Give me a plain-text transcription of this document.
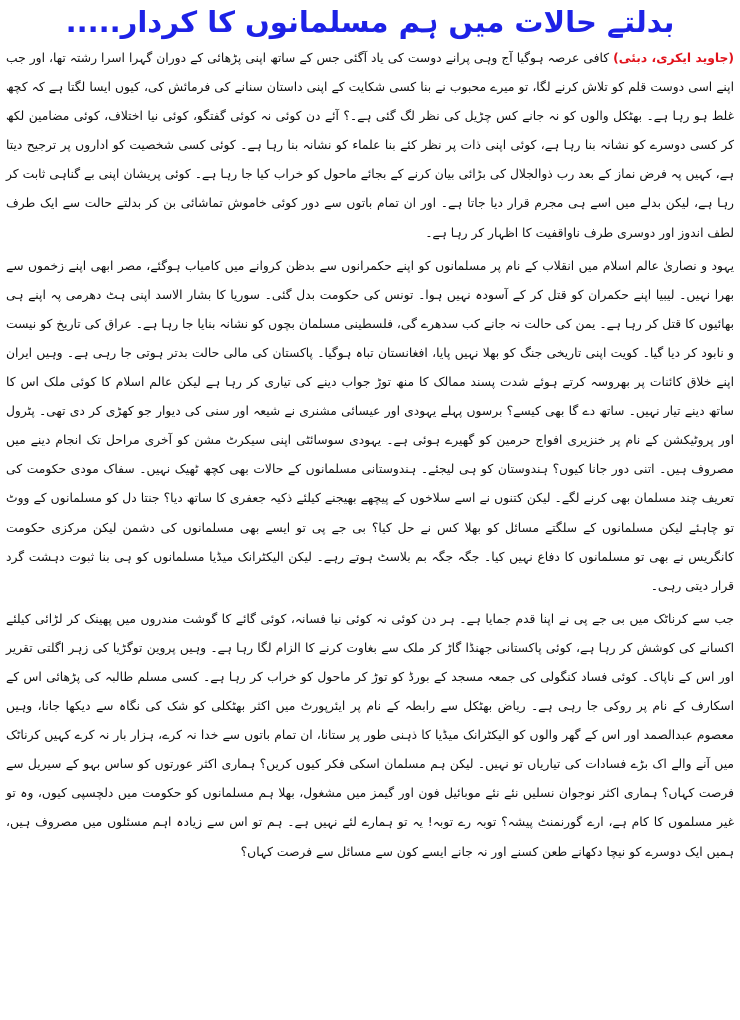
بدلتے حالات میں ہم مسلمانوں کا کردار.....

(جاوید ایکری، دبئی) کافی عرصہ ہوگیا آج وہی پرانے دوست کی یاد آگئی جس کے ساتھ اپنی پڑھائی کے دوران گہرا اسرا رشتہ تھا، اور جب اپنے اسی دوست قلم کو تلاش کرنے لگا، تو میرے محبوب نے بنا کسی شکایت کے اپنی داستان سنانے کی فرمائش کی، کیوں ایسا لگتا ہے کہ کچھ غلط ہو رہا ہے۔ بھٹکل والوں کو نہ جانے کس چڑیل کی نظر لگ گئی ہے۔؟ آئے دن کوئی نہ کوئی گفتگو، کوئی نیا اختلاف، کوئی مضامین لکھ کر کسی دوسرے کو نشانہ بنا رہا ہے، کوئی اپنی ذات پر نظر کئے بنا علماء کو نشانہ بنا رہا ہے۔ کوئی کسی شخصیت کو اداروں پر ترجیح دیتا ہے، کہیں پہ فرض نماز کے بعد رب ذوالجلال کی بڑائی بیان کرنے کے بجائے ماحول کو خراب کیا جا رہا ہے۔ کوئی پریشان اپنی بے گناہی ثابت کر رہا ہے، لیکن بدلے میں اسے ہی مجرم قرار دیا جاتا ہے۔ اور ان تمام باتوں سے دور کوئی خاموش تماشائی بن کر بدلتے حالت سے ایک طرف لطف اندوز اور دوسری طرف ناواقفیت کا اظہار کر رہا ہے۔

یہود و نصاریٰ عالم اسلام میں انقلاب کے نام پر مسلمانوں کو اپنے حکمرانوں سے بدظن کروانے میں کامیاب ہوگئے، مصر ابھی اپنے زخموں سے بھرا نہیں۔ لیبیا اپنے حکمران کو قتل کر کے آسودہ نہیں ہوا۔ تونس کی حکومت بدل گئی۔ سوریا کا بشار الاسد اپنی ہٹ دھرمی پہ اپنے ہی بھائیوں کا قتل کر رہا ہے۔ یمن کی حالت نہ جانے کب سدھرے گی، فلسطینی مسلمان بچوں کو نشانہ بنایا جا رہا ہے۔ عراق کی تاریخ کو نیست و نابود کر دیا گیا۔ کویت اپنی تاریخی جنگ کو بھلا نہیں پایا، افغانستان تباہ ہوگیا۔ پاکستان کی مالی حالت بدتر ہوتی جا رہی ہے۔ وہیں ایران اپنے خلاق کائنات پر بھروسہ کرتے ہوئے شدت پسند ممالک کا منھ توڑ جواب دینے کی تیاری کر رہا ہے لیکن عالم اسلام کا کوئی ملک اس کا ساتھ دینے تیار نہیں۔ ساتھ دے گا بھی کیسے؟ برسوں پہلے یہودی اور عیسائی مشنری نے شیعہ اور سنی کی دیوار جو کھڑی کر دی تھی۔ پٹرول اور پروٹیکشن کے نام پر خنزیری افواج حرمین کو گھیرے ہوئی ہے۔ یہودی سوسائٹی اپنی سیکرٹ مشن کو آخری مراحل تک انجام دینے میں مصروف ہیں۔ اتنی دور جانا کیوں؟ ہندوستان کو ہی لیجئے۔ ہندوستانی مسلمانوں کے حالات بھی کچھ ٹھیک نہیں۔ سفاک مودی حکومت کی تعریف چند مسلمان بھی کرنے لگے۔ لیکن کتنوں نے اسے سلاخوں کے پیچھے بھیجنے کیلئے ذکیہ جعفری کا ساتھ دیا؟ جنتا دل کو مسلمانوں کے ووٹ تو چاہئے لیکن مسلمانوں کے سلگتے مسائل کو بھلا کس نے حل کیا؟ بی جے پی تو ایسے بھی مسلمانوں کی دشمن لیکن مرکزی حکومت کانگریس نے بھی تو مسلمانوں کا دفاع نہیں کیا۔ جگہ جگہ بم بلاسٹ ہوتے رہے۔ لیکن الیکٹرانک میڈیا مسلمانوں کو ہی بنا ثبوت دہشت گرد قرار دیتی رہی۔

جب سے کرناٹک میں بی جے پی نے اپنا قدم جمایا ہے۔ ہر دن کوئی نہ کوئی نیا فسانہ، کوئی گائے کا گوشت مندروں میں پھینک کر لڑائی کیلئے اکسانے کی کوشش کر رہا ہے، کوئی پاکستانی جھنڈا گاڑ کر ملک سے بغاوت کرنے کا الزام لگا رہا ہے۔ وہیں پروین توگڑیا کی زہر اگلتی تقریر اور اس کے ناپاک۔ کوئی فساد کنگولی کی جمعہ مسجد کے بورڈ کو توڑ کر ماحول کو خراب کر رہا ہے۔ کسی مسلم طالبہ کی پڑھائی اس کے اسکارف کے نام پر روکی جا رہی ہے۔ ریاض بھٹکل سے رابطہ کے نام پر ایئرپورٹ میں اکثر بھٹکلی کو شک کی نگاہ سے دیکھا جانا، وہیں معصوم عبدالصمد اور اس کے گھر والوں کو الیکٹرانک میڈیا کا ذہنی طور پر ستانا، ان تمام باتوں سے خدا نہ کرے، ہزار بار نہ کرے کہیں کرناٹک میں آنے والے اک بڑے فسادات کی تیاریاں تو نہیں۔ لیکن ہم مسلمان اسکی فکر کیوں کریں؟ ہماری اکثر عورتوں کو ساس بہو کے سیریل سے فرصت کہاں؟ ہماری اکثر نوجوان نسلیں نئے نئے موبائیل فون اور گیمز میں مشغول، بھلا ہم مسلمانوں کو حکومت میں دلچسپی کیوں، وہ تو غیر مسلموں کا کام ہے، ارے گورنمنٹ پیشہ؟ توبہ رے توبہ! یہ تو ہمارے لئے نہیں ہے۔ ہم تو اس سے زیادہ اہم مسئلوں میں مصروف ہیں، ہمیں ایک دوسرے کو نیچا دکھانے طعن کسنے اور نہ جانے ایسے کون سے مسائل سے فرصت کہاں؟
